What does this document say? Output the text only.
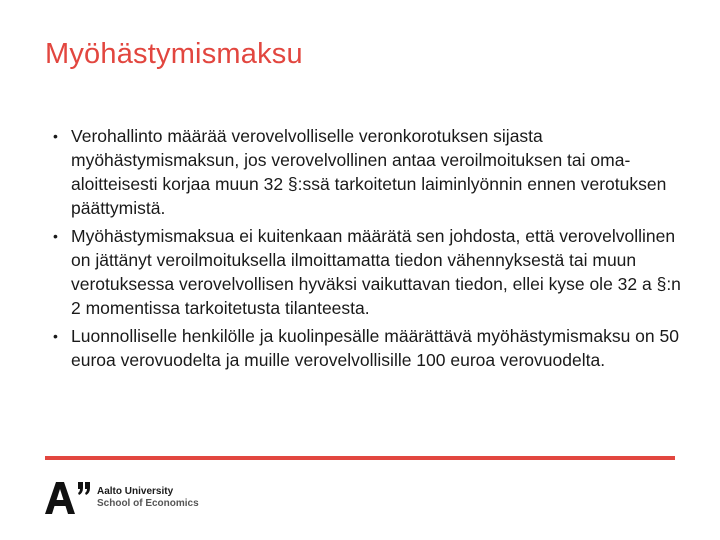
Myöhästymismaksu
• Verohallinto määrää verovelvolliselle veronkorotuksen sijasta myöhästymismaksun, jos verovelvollinen antaa veroilmoituksen tai oma-aloitteisesti korjaa muun 32 §:ssä tarkoitetun laiminlyönnin ennen verotuksen päättymistä.
• Myöhästymismaksua ei kuitenkaan määrätä sen johdosta, että verovelvollinen on jättänyt veroilmoituksella ilmoittamatta tiedon vähennyksestä tai muun verotuksessa verovelvollisen hyväksi vaikuttavan tiedon, ellei kyse ole 32 a §:n 2 momentissa tarkoitetusta tilanteesta.
• Luonnolliselle henkilölle ja kuolinpesälle määrättävä myöhästymismaksu on 50 euroa verovuodelta ja muille verovelvollisille 100 euroa verovuodelta.
Aalto University
School of Economics
